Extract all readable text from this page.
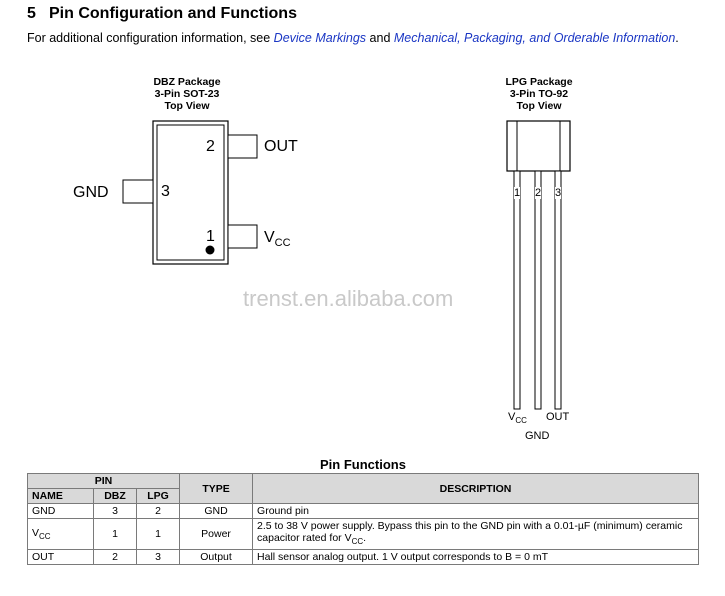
5 Pin Configuration and Functions
For additional configuration information, see Device Markings and Mechanical, Packaging, and Orderable Information.
DBZ Package
3-Pin SOT-23
Top View
LPG Package
3-Pin TO-92
Top View
2	OUT
3
GND
1	$V_{CC}$
1 2 3
$V_{CC}$ OUT
GND
trenst.en.alibaba.com
Pin Functions
PIN			TYPE	DESCRIPTION
NAME	DBZ	LPG		
GND	3	2	GND	Ground pin
$V_{CC}$	1	1	Power	2.5 to 38 V power supply. Bypass this pin to the GND pin with a 0.01-µF (minimum) ceramic capacitor rated for $V_{CC}$.
OUT	2	3	Output	Hall sensor analog output. 1 V output corresponds to B = 0 mT
